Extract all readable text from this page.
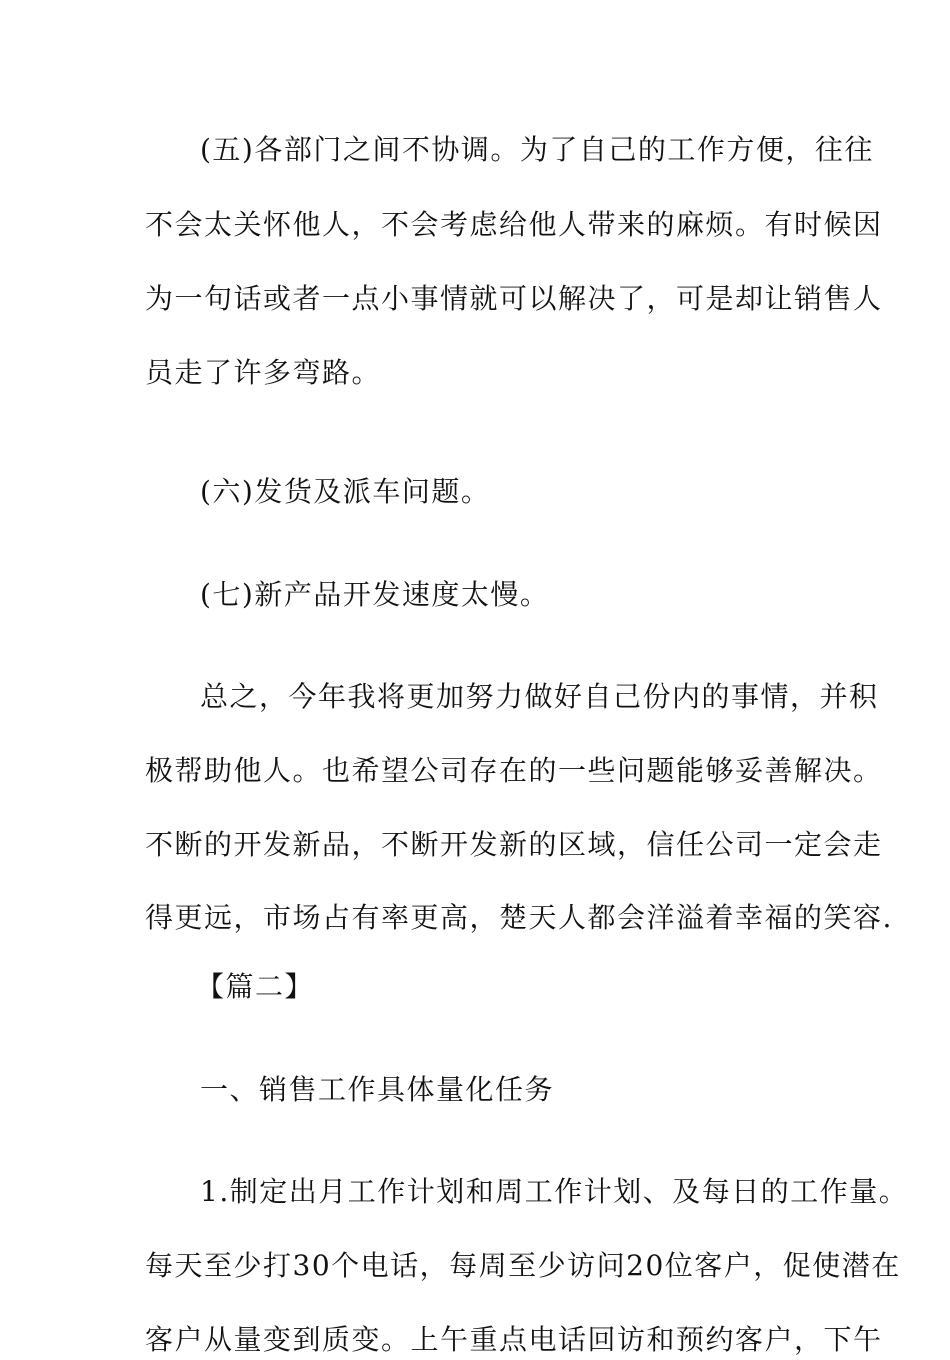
(五)各部门之间不协调。为了自己的工作方便，往往
不会太关怀他人，不会考虑给他人带来的麻烦。有时候因
为一句话或者一点小事情就可以解决了，可是却让销售人
员走了许多弯路。
(六)发货及派车问题。
(七)新产品开发速度太慢。
总之，今年我将更加努力做好自己份内的事情，并积
极帮助他人。也希望公司存在的一些问题能够妥善解决。
不断的开发新品，不断开发新的区域，信任公司一定会走
得更远，市场占有率更高，楚天人都会洋溢着幸福的笑容.
【篇二】
一、销售工作具体量化任务
1.制定出月工作计划和周工作计划、及每日的工作量。
每天至少打30个电话，每周至少访问20位客户，促使潜在
客户从量变到质变。上午重点电话回访和预约客户，下午
